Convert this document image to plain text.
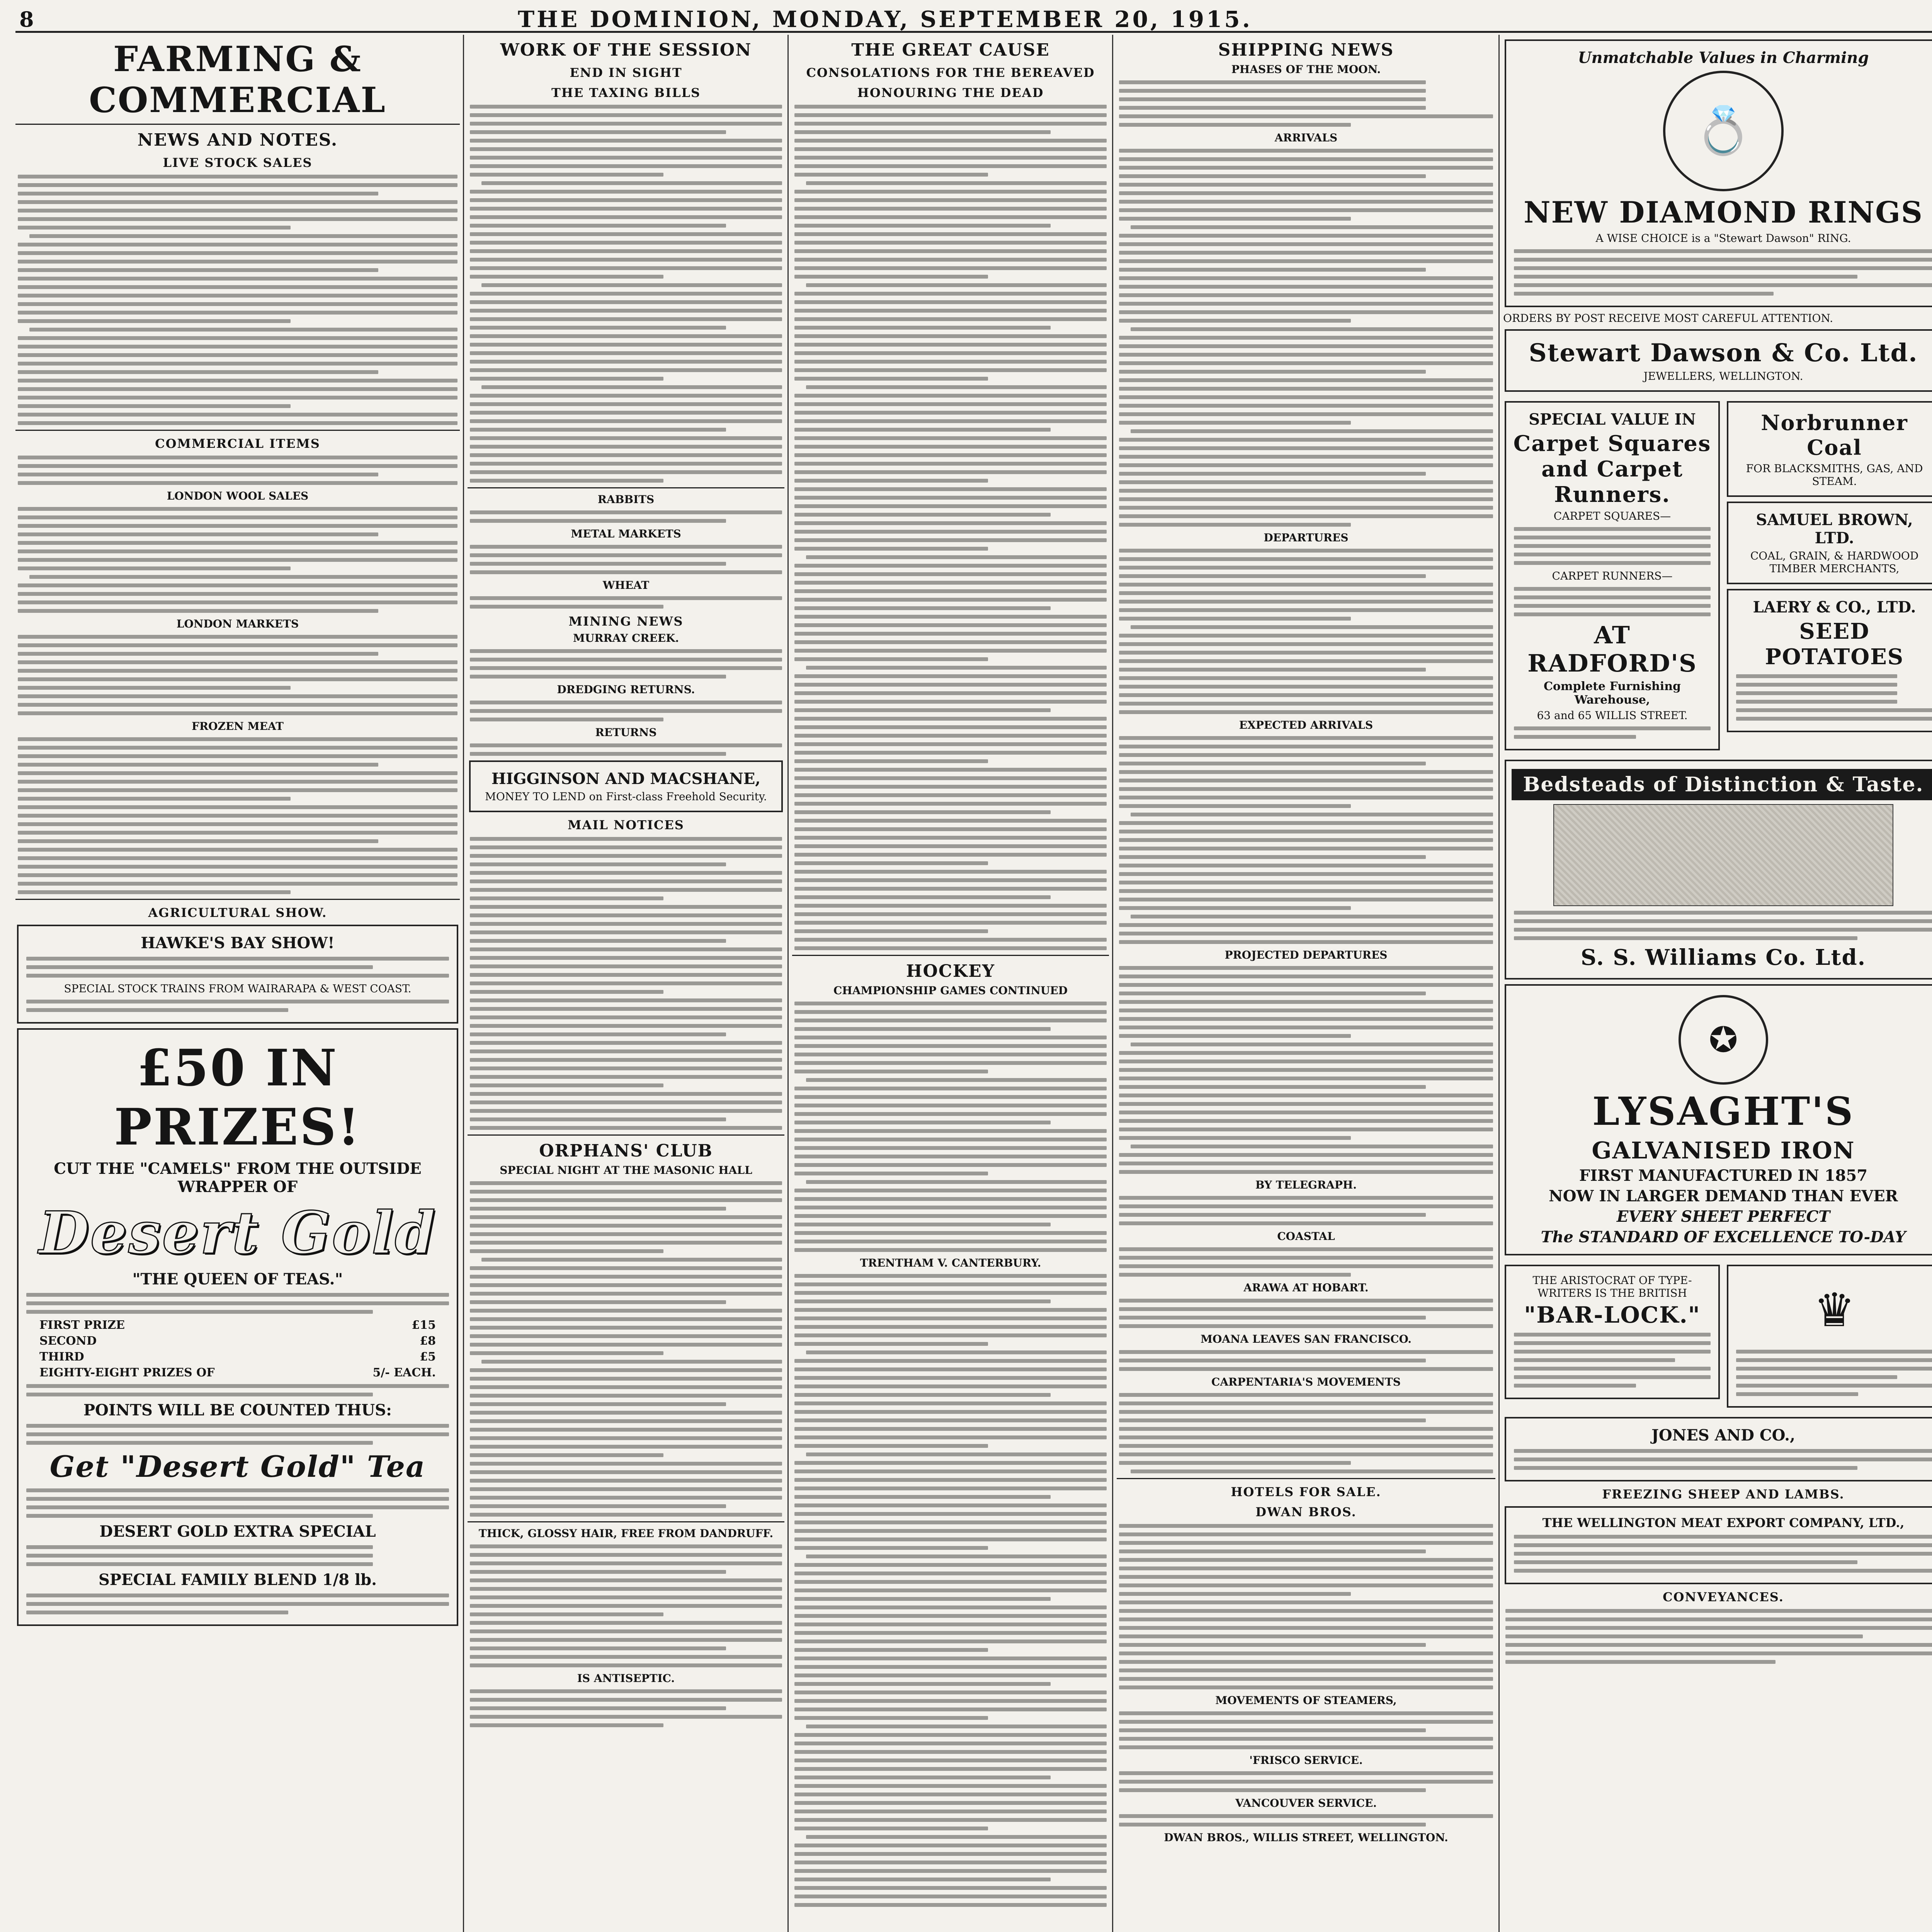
8	THE DOMINION, MONDAY, SEPTEMBER 20, 1915.
FARMING & COMMERCIAL
NEWS AND NOTES.
LIVE STOCK SALES
COMMERCIAL ITEMS
LONDON WOOL SALES
LONDON MARKETS
FROZEN MEAT
AGRICULTURAL SHOW.
HAWKE'S BAY SHOW!
SPECIAL STOCK TRAINS FROM WAIRARAPA & WEST COAST.
£50 IN PRIZES!
CUT THE "CAMELS" FROM THE OUTSIDE WRAPPER OF
Desert Gold
"THE QUEEN OF TEAS."
FIRST PRIZE	£15
SECOND	£8
THIRD	£5
EIGHTY-EIGHT PRIZES OF	5/- EACH.
POINTS WILL BE COUNTED THUS:
Get "Desert Gold" Tea
DESERT GOLD EXTRA SPECIAL
SPECIAL FAMILY BLEND 1/8 lb.
WORK OF THE SESSION
END IN SIGHT
THE TAXING BILLS
RABBITS
METAL MARKETS
WHEAT
MINING NEWS
MURRAY CREEK.
DREDGING RETURNS.
RETURNS
HIGGINSON AND MACSHANE,
MONEY TO LEND on First-class Freehold Security.
MAIL NOTICES
ORPHANS' CLUB
SPECIAL NIGHT AT THE MASONIC HALL
THICK, GLOSSY HAIR, FREE FROM DANDRUFF.
IS ANTISEPTIC.
THE GREAT CAUSE
CONSOLATIONS FOR THE BEREAVED
HONOURING THE DEAD
HOCKEY
CHAMPIONSHIP GAMES CONTINUED
TRENTHAM V. CANTERBURY.
SHIPPING NEWS
PHASES OF THE MOON.
ARRIVALS
DEPARTURES
EXPECTED ARRIVALS
PROJECTED DEPARTURES
BY TELEGRAPH.
COASTAL
ARAWA AT HOBART.
MOANA LEAVES SAN FRANCISCO.
CARPENTARIA'S MOVEMENTS
HOTELS FOR SALE.
DWAN BROS.
MOVEMENTS OF STEAMERS,
'FRISCO SERVICE.
VANCOUVER SERVICE.
DWAN BROS., WILLIS STREET, WELLINGTON.
Unmatchable Values in Charming
💍
NEW DIAMOND RINGS
A WISE CHOICE is a "Stewart Dawson" RING.
ORDERS BY POST RECEIVE MOST CAREFUL ATTENTION.
Stewart Dawson & Co. Ltd.
JEWELLERS, WELLINGTON.
SPECIAL VALUE IN
Carpet Squares and Carpet Runners.
CARPET SQUARES—
CARPET RUNNERS—
AT RADFORD'S
Complete Furnishing Warehouse,
63 and 65 WILLIS STREET.
Norbrunner Coal
FOR BLACKSMITHS, GAS, AND STEAM.
SAMUEL BROWN, LTD.
COAL, GRAIN, & HARDWOOD TIMBER MERCHANTS,
LAERY & CO., LTD.
SEED POTATOES
Bedsteads of Distinction & Taste.
S. S. Williams Co. Ltd.
✪
LYSAGHT'S
GALVANISED IRON
FIRST MANUFACTURED IN 1857
NOW IN LARGER DEMAND THAN EVER
EVERY SHEET PERFECT
The STANDARD OF EXCELLENCE TO-DAY
THE ARISTOCRAT OF TYPE-WRITERS IS THE BRITISH
"BAR-LOCK." ♛
JONES AND CO.,
FREEZING SHEEP AND LAMBS.
THE WELLINGTON MEAT EXPORT COMPANY, LTD.,
CONVEYANCES.
